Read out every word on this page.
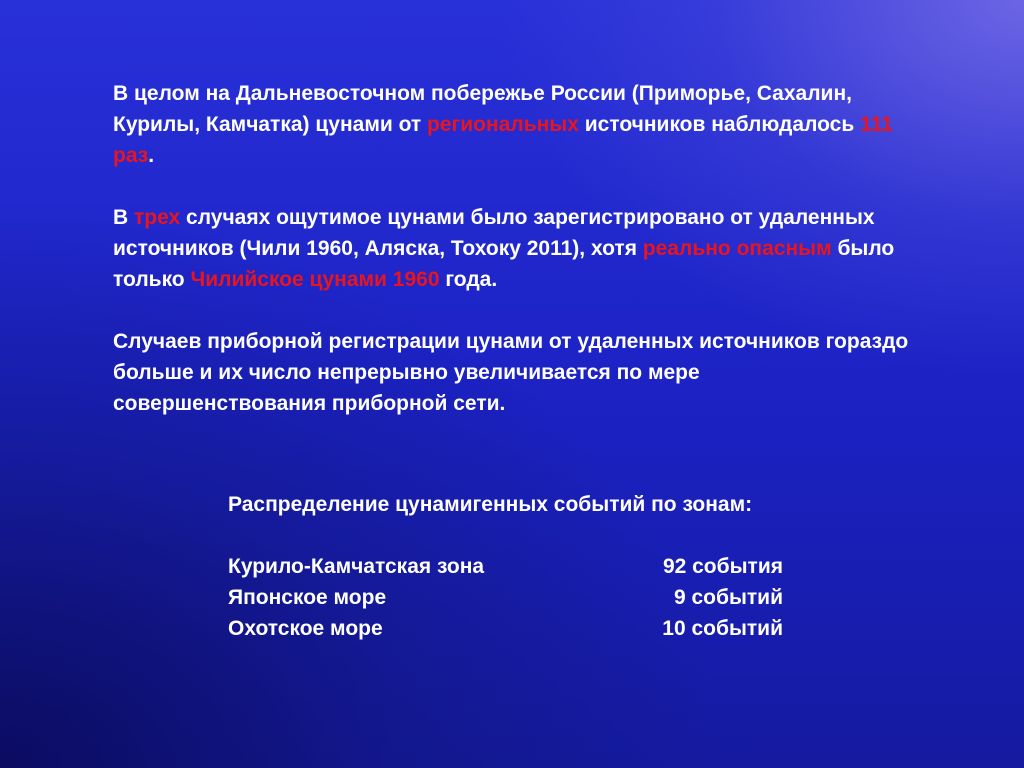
В целом на Дальневосточном побережье России (Приморье, Сахалин, Курилы, Камчатка) цунами от региональных источников наблюдалось 111 раз.

В трех случаях ощутимое цунами было зарегистрировано от удаленных источников (Чили 1960, Аляска, Тохоку 2011), хотя реально опасным было только Чилийское цунами 1960 года.

Случаев приборной регистрации цунами от удаленных источников гораздо больше и их число непрерывно увеличивается по мере совершенствования приборной сети.

Распределение цунамигенных событий по зонам:
Курило-Камчатская зона	92 события
Японское море	9 событий
Охотское море	10 событий
